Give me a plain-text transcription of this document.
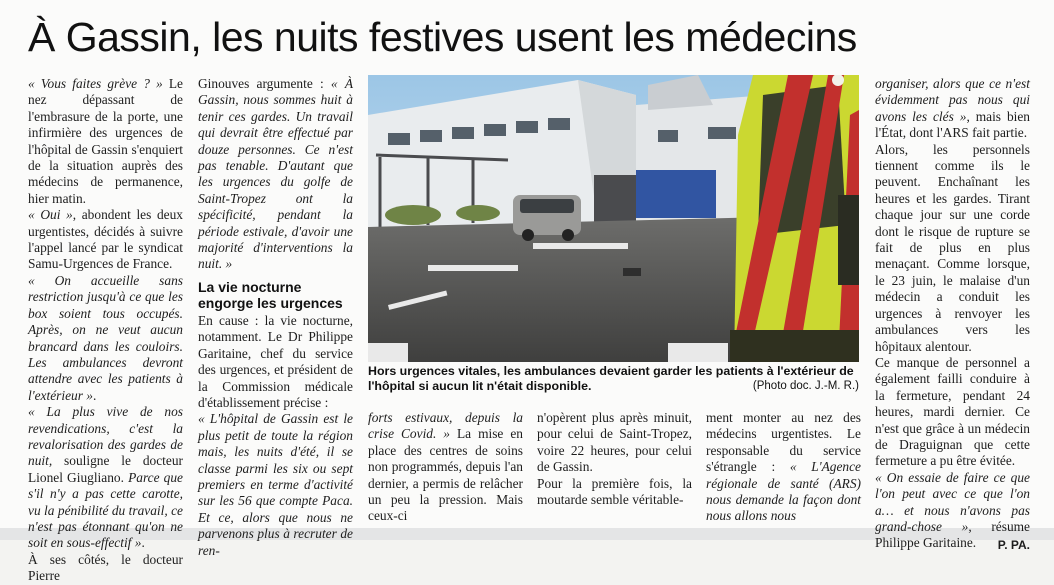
À Gassin, les nuits festives usent les médecins

« Vous faites grève ? » Le nez dépassant de l'embrasure de la porte, une infirmière des urgences de l'hôpital de Gassin s'enquiert de la situation auprès des médecins de permanence, hier matin.

« Oui », abondent les deux urgentistes, décidés à suivre l'appel lancé par le syndicat Samu-Urgences de France.

« On accueille sans restriction jusqu'à ce que les box soient tous occupés. Après, on ne veut aucun brancard dans les couloirs. Les ambulances devront attendre avec les patients à l'extérieur ».

« La plus vive de nos revendications, c'est la revalorisation des gardes de nuit, souligne le docteur Lionel Giugliano. Parce que s'il n'y a pas cette carotte, vu la pénibilité du travail, ce n'est pas étonnant qu'on ne soit en sous-effectif ».

À ses côtés, le docteur Pierre

Ginouves argumente : « À Gassin, nous sommes huit à tenir ces gardes. Un travail qui devrait être effectué par douze personnes. Ce n'est pas tenable. D'autant que les urgences du golfe de Saint-Tropez ont la spécificité, pendant la période estivale, d'avoir une majorité d'interventions la nuit. »

La vie nocturne engorge les urgences

En cause : la vie nocturne, notamment. Le Dr Philippe Garitaine, chef du service des urgences, et président de la Commission médicale d'établissement précise :

« L'hôpital de Gassin est le plus petit de toute la région mais, les nuits d'été, il se classe parmi les six ou sept premiers en terme d'activité sur les 56 que compte Paca. Et ce, alors que nous ne parvenons plus à recruter de ren-

Hors urgences vitales, les ambulances devaient garder les patients à l'extérieur de l'hôpital si aucun lit n'était disponible.	(Photo doc. J.-M. R.)

forts estivaux, depuis la crise Covid. » La mise en place des centres de soins non programmés, depuis l'an dernier, a permis de relâcher un peu la pression. Mais ceux-ci

n'opèrent plus après minuit, pour celui de Saint-Tropez, voire 22 heures, pour celui de Gassin.

Pour la première fois, la moutarde semble véritable-

ment monter au nez des médecins urgentistes. Le responsable du service s'étrangle : « L'Agence régionale de santé (ARS) nous demande la façon dont nous allons nous

organiser, alors que ce n'est évidemment pas nous qui avons les clés », mais bien l'État, dont l'ARS fait partie.

Alors, les personnels tiennent comme ils le peuvent. Enchaînant les heures et les gardes. Tirant chaque jour sur une corde dont le risque de rupture se fait de plus en plus menaçant. Comme lorsque, le 23 juin, le malaise d'un médecin a conduit les urgences à renvoyer les ambulances vers les hôpitaux alentour.

Ce manque de personnel a également failli conduire à la fermeture, pendant 24 heures, mardi dernier. Ce n'est que grâce à un médecin de Draguignan que cette fermeture a pu être évitée.

« On essaie de faire ce que l'on peut avec ce que l'on a… et nous n'avons pas grand-chose », résume Philippe Garitaine. P. PA.
